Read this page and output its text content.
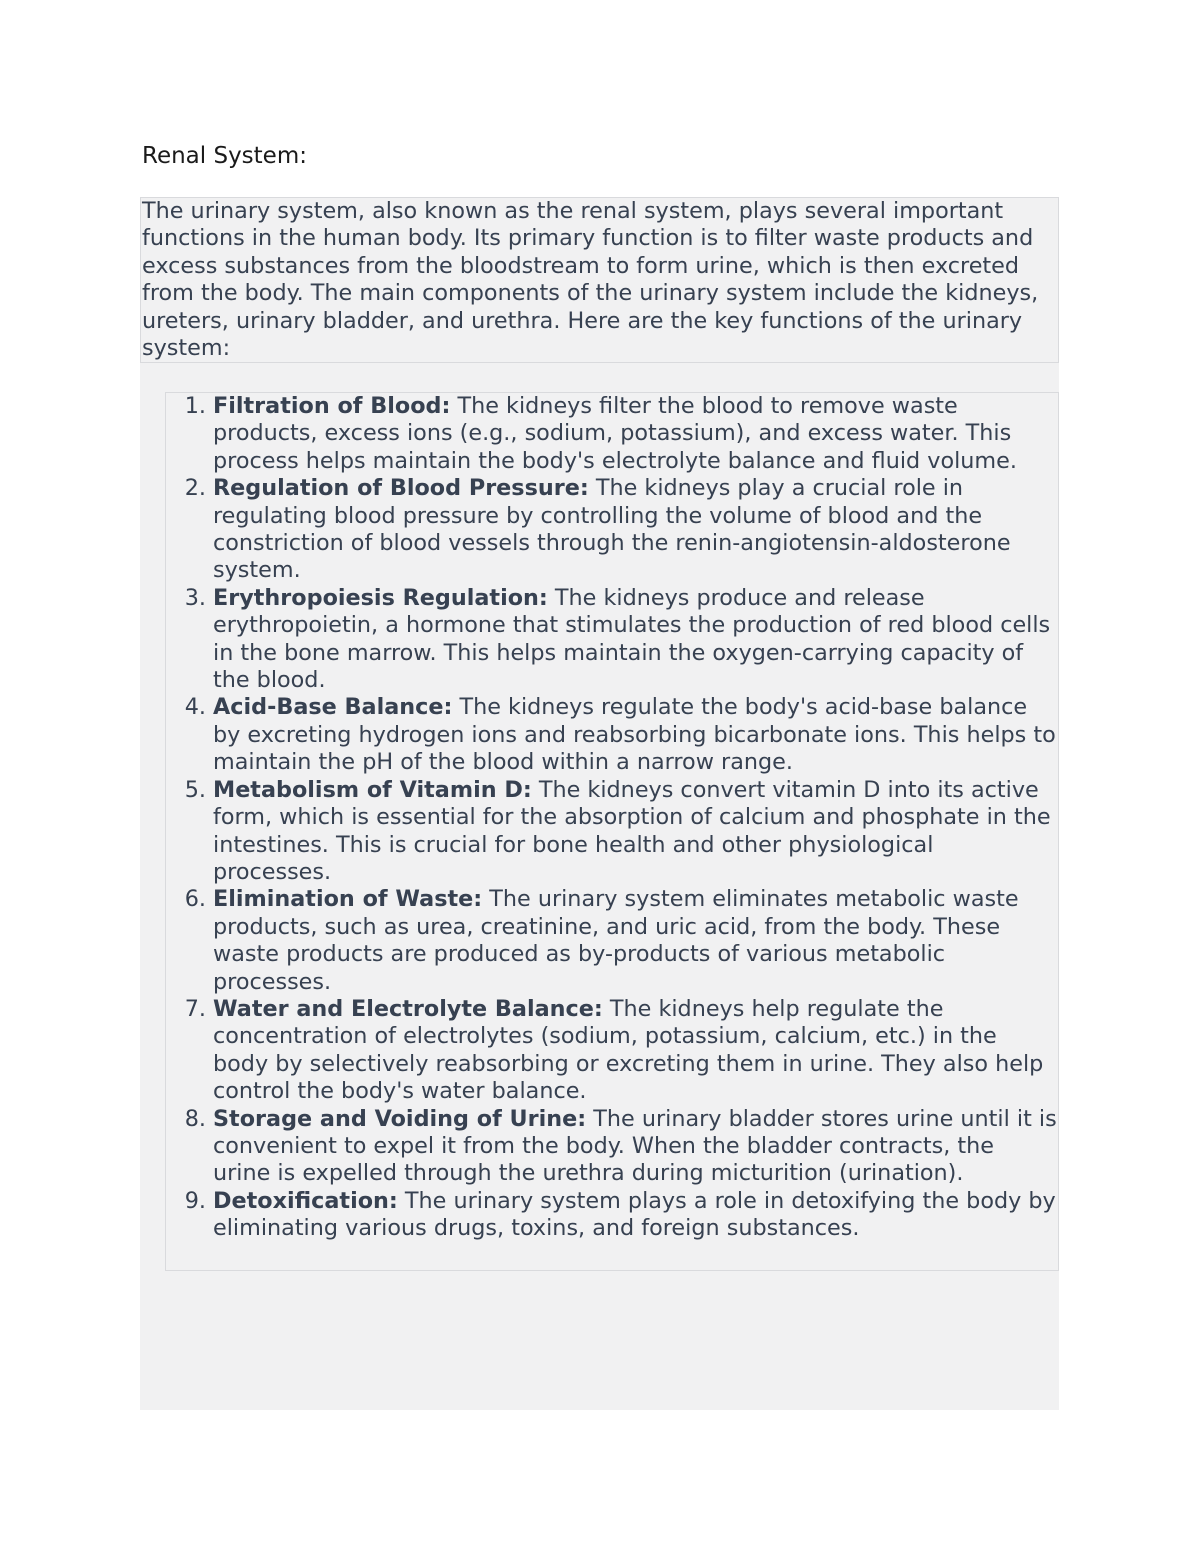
Renal System:

The urinary system, also known as the renal system, plays several important functions in the human body. Its primary function is to filter waste products and excess substances from the bloodstream to form urine, which is then excreted from the body. The main components of the urinary system include the kidneys, ureters, urinary bladder, and urethra. Here are the key functions of the urinary system:

1. Filtration of Blood: The kidneys filter the blood to remove waste products, excess ions (e.g., sodium, potassium), and excess water. This process helps maintain the body's electrolyte balance and fluid volume.
2. Regulation of Blood Pressure: The kidneys play a crucial role in regulating blood pressure by controlling the volume of blood and the constriction of blood vessels through the renin-angiotensin-aldosterone system.
3. Erythropoiesis Regulation: The kidneys produce and release erythropoietin, a hormone that stimulates the production of red blood cells in the bone marrow. This helps maintain the oxygen-carrying capacity of the blood.
4. Acid-Base Balance: The kidneys regulate the body's acid-base balance by excreting hydrogen ions and reabsorbing bicarbonate ions. This helps to maintain the pH of the blood within a narrow range.
5. Metabolism of Vitamin D: The kidneys convert vitamin D into its active form, which is essential for the absorption of calcium and phosphate in the intestines. This is crucial for bone health and other physiological processes.
6. Elimination of Waste: The urinary system eliminates metabolic waste products, such as urea, creatinine, and uric acid, from the body. These waste products are produced as by-products of various metabolic processes.
7. Water and Electrolyte Balance: The kidneys help regulate the concentration of electrolytes (sodium, potassium, calcium, etc.) in the body by selectively reabsorbing or excreting them in urine. They also help control the body's water balance.
8. Storage and Voiding of Urine: The urinary bladder stores urine until it is convenient to expel it from the body. When the bladder contracts, the urine is expelled through the urethra during micturition (urination).
9. Detoxification: The urinary system plays a role in detoxifying the body by eliminating various drugs, toxins, and foreign substances.
